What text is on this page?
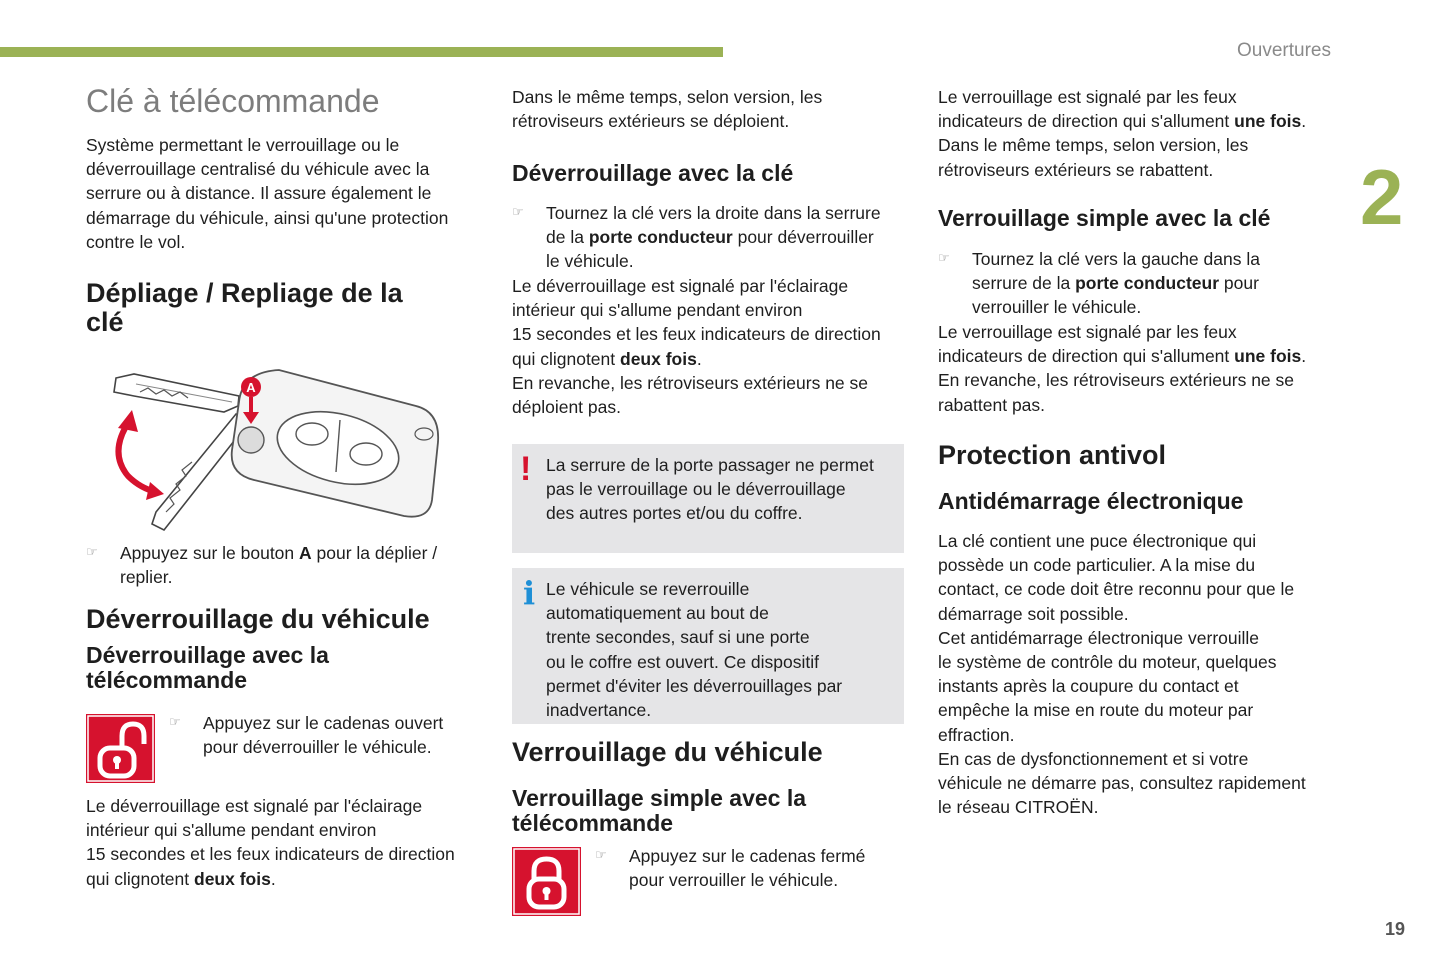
Ouvertures
2
19
Clé à télécommande

Système permettant le verrouillage ou le

déverrouillage centralisé du véhicule avec la

serrure ou à distance. Il assure également le

démarrage du véhicule, ainsi qu'une protection

contre le vol.

Dépliage / Repliage de la

clé

A
☞ Appuyez sur le bouton A pour la déplier /

replier.

Déverrouillage du véhicule

Déverrouillage avec la

télécommande

☞ Appuyez sur le cadenas ouvert

pour déverrouiller le véhicule.

Le déverrouillage est signalé par l'éclairage

intérieur qui s'allume pendant environ

15 secondes et les feux indicateurs de direction

qui clignotent deux fois.

Dans le même temps, selon version, les

rétroviseurs extérieurs se déploient.

Déverrouillage avec la clé

☞ Tournez la clé vers la droite dans la serrure

de la porte conducteur pour déverrouiller

le véhicule.

Le déverrouillage est signalé par l'éclairage

intérieur qui s'allume pendant environ

15 secondes et les feux indicateurs de direction

qui clignotent deux fois.

En revanche, les rétroviseurs extérieurs ne se

déploient pas.

! La serrure de la porte passager ne permet

pas le verrouillage ou le déverrouillage

des autres portes et/ou du coffre.

i Le véhicule se reverrouille

automatiquement au bout de

trente secondes, sauf si une porte

ou le coffre est ouvert. Ce dispositif

permet d'éviter les déverrouillages par

inadvertance.

Verrouillage du véhicule

Verrouillage simple avec la

télécommande

☞ Appuyez sur le cadenas fermé

pour verrouiller le véhicule.

Le verrouillage est signalé par les feux

indicateurs de direction qui s'allument une fois.

Dans le même temps, selon version, les

rétroviseurs extérieurs se rabattent.

Verrouillage simple avec la clé

☞ Tournez la clé vers la gauche dans la

serrure de la porte conducteur pour

verrouiller le véhicule.

Le verrouillage est signalé par les feux

indicateurs de direction qui s'allument une fois.

En revanche, les rétroviseurs extérieurs ne se

rabattent pas.

Protection antivol

Antidémarrage électronique

La clé contient une puce électronique qui

possède un code particulier. A la mise du

contact, ce code doit être reconnu pour que le

démarrage soit possible.

Cet antidémarrage électronique verrouille

le système de contrôle du moteur, quelques

instants après la coupure du contact et

empêche la mise en route du moteur par

effraction.

En cas de dysfonctionnement et si votre

véhicule ne démarre pas, consultez rapidement

le réseau CITROËN.
